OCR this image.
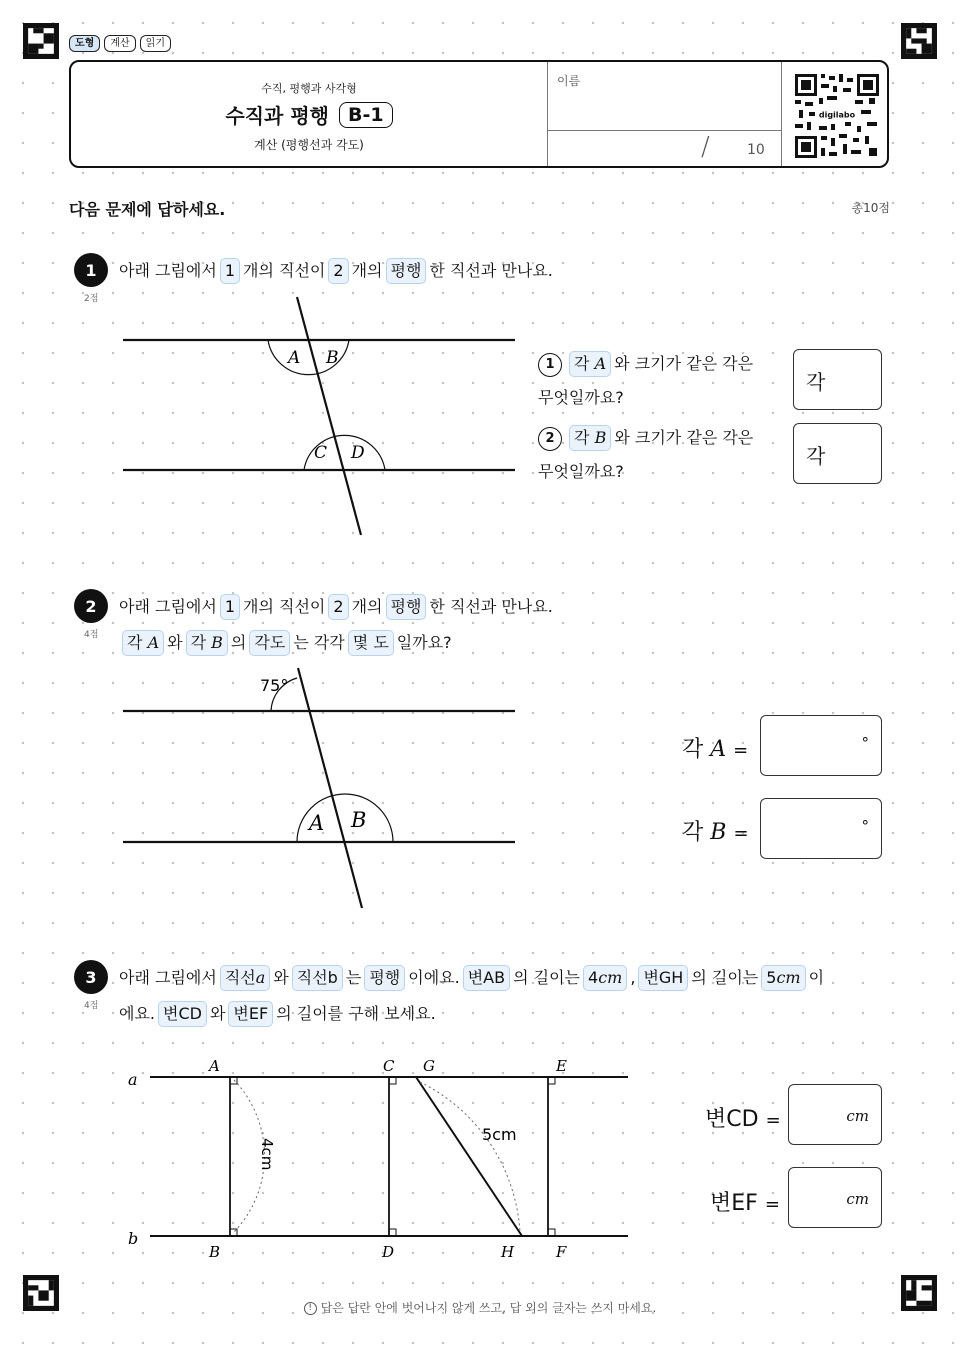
도형	계산	읽기
수직, 평행과 사각형
수직과 평행	B-1
계산 (평행선과 각도)
이름
/	10
digilabo
다음 문제에 답하세요.	총10점
1
2점
아래 그림에서 1 개의 직선이 2 개의 평행 한 직선과 만나요.
A B
C D
1 각 A 와 크기가 같은 각은 무엇일까요?
각
2 각 B 와 크기가 같은 각은 무엇일까요?
각
2
4점
아래 그림에서 1 개의 직선이 2 개의 평행 한 직선과 만나요.
각 A 와 각 B 의 각도 는 각각 몇 도 일까요?
75°
A B
각 A =	°
각 B =	°
3
4점
아래 그림에서 직선a 와 직선b 는 평행 이에요. 변AB 의 길이는 4cm , 변GH 의 길이는 5cm 이
에요. 변CD 와 변EF 의 길이를 구해 보세요.
a
b
A
B
C
D
G
H
E
F
4cm
5cm
변CD =	cm
변EF =	cm
! 답은 답란 안에 벗어나지 않게 쓰고, 답 외의 글자는 쓰지 마세요.
